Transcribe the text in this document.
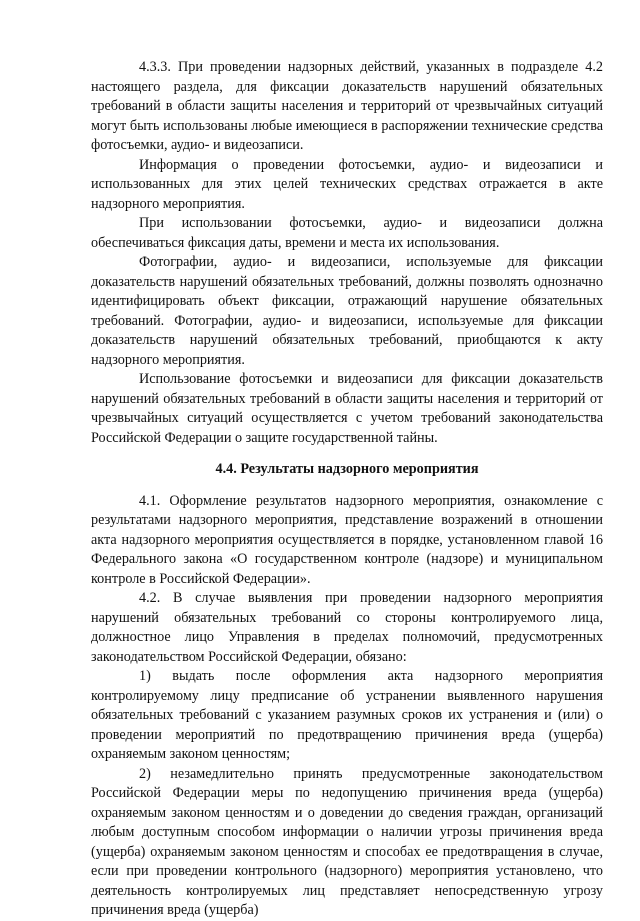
4.3.3. При проведении надзорных действий, указанных в подразделе 4.2 настоящего раздела, для фиксации доказательств нарушений обязательных требований в области защиты населения и территорий от чрезвычайных ситуаций могут быть использованы любые имеющиеся в распоряжении технические средства фотосъемки, аудио- и видеозаписи.

Информация о проведении фотосъемки, аудио- и видеозаписи и использованных для этих целей технических средствах отражается в акте надзорного мероприятия.

При использовании фотосъемки, аудио- и видеозаписи должна обеспечиваться фиксация даты, времени и места их использования.

Фотографии, аудио- и видеозаписи, используемые для фиксации доказательств нарушений обязательных требований, должны позволять однозначно идентифицировать объект фиксации, отражающий нарушение обязательных требований. Фотографии, аудио- и видеозаписи, используемые для фиксации доказательств нарушений обязательных требований, приобщаются к акту надзорного мероприятия.

Использование фотосъемки и видеозаписи для фиксации доказательств нарушений обязательных требований в области защиты населения и территорий от чрезвычайных ситуаций осуществляется с учетом требований законодательства Российской Федерации о защите государственной тайны.

4.4. Результаты надзорного мероприятия

4.1. Оформление результатов надзорного мероприятия, ознакомление с результатами надзорного мероприятия, представление возражений в отношении акта надзорного мероприятия осуществляется в порядке, установленном главой 16 Федерального закона «О государственном контроле (надзоре) и муниципальном контроле в Российской Федерации».

4.2. В случае выявления при проведении надзорного мероприятия нарушений обязательных требований со стороны контролируемого лица, должностное лицо Управления в пределах полномочий, предусмотренных законодательством Российской Федерации, обязано:

1) выдать после оформления акта надзорного мероприятия контролируемому лицу предписание об устранении выявленного нарушения обязательных требований с указанием разумных сроков их устранения и (или) о проведении мероприятий по предотвращению причинения вреда (ущерба) охраняемым законом ценностям;

2) незамедлительно принять предусмотренные законодательством Российской Федерации меры по недопущению причинения вреда (ущерба) охраняемым законом ценностям и о доведении до сведения граждан, организаций любым доступным способом информации о наличии угрозы причинения вреда (ущерба) охраняемым законом ценностям и способах ее предотвращения в случае, если при проведении контрольного (надзорного) мероприятия установлено, что деятельность контролируемых лиц представляет непосредственную угрозу причинения вреда (ущерба)
